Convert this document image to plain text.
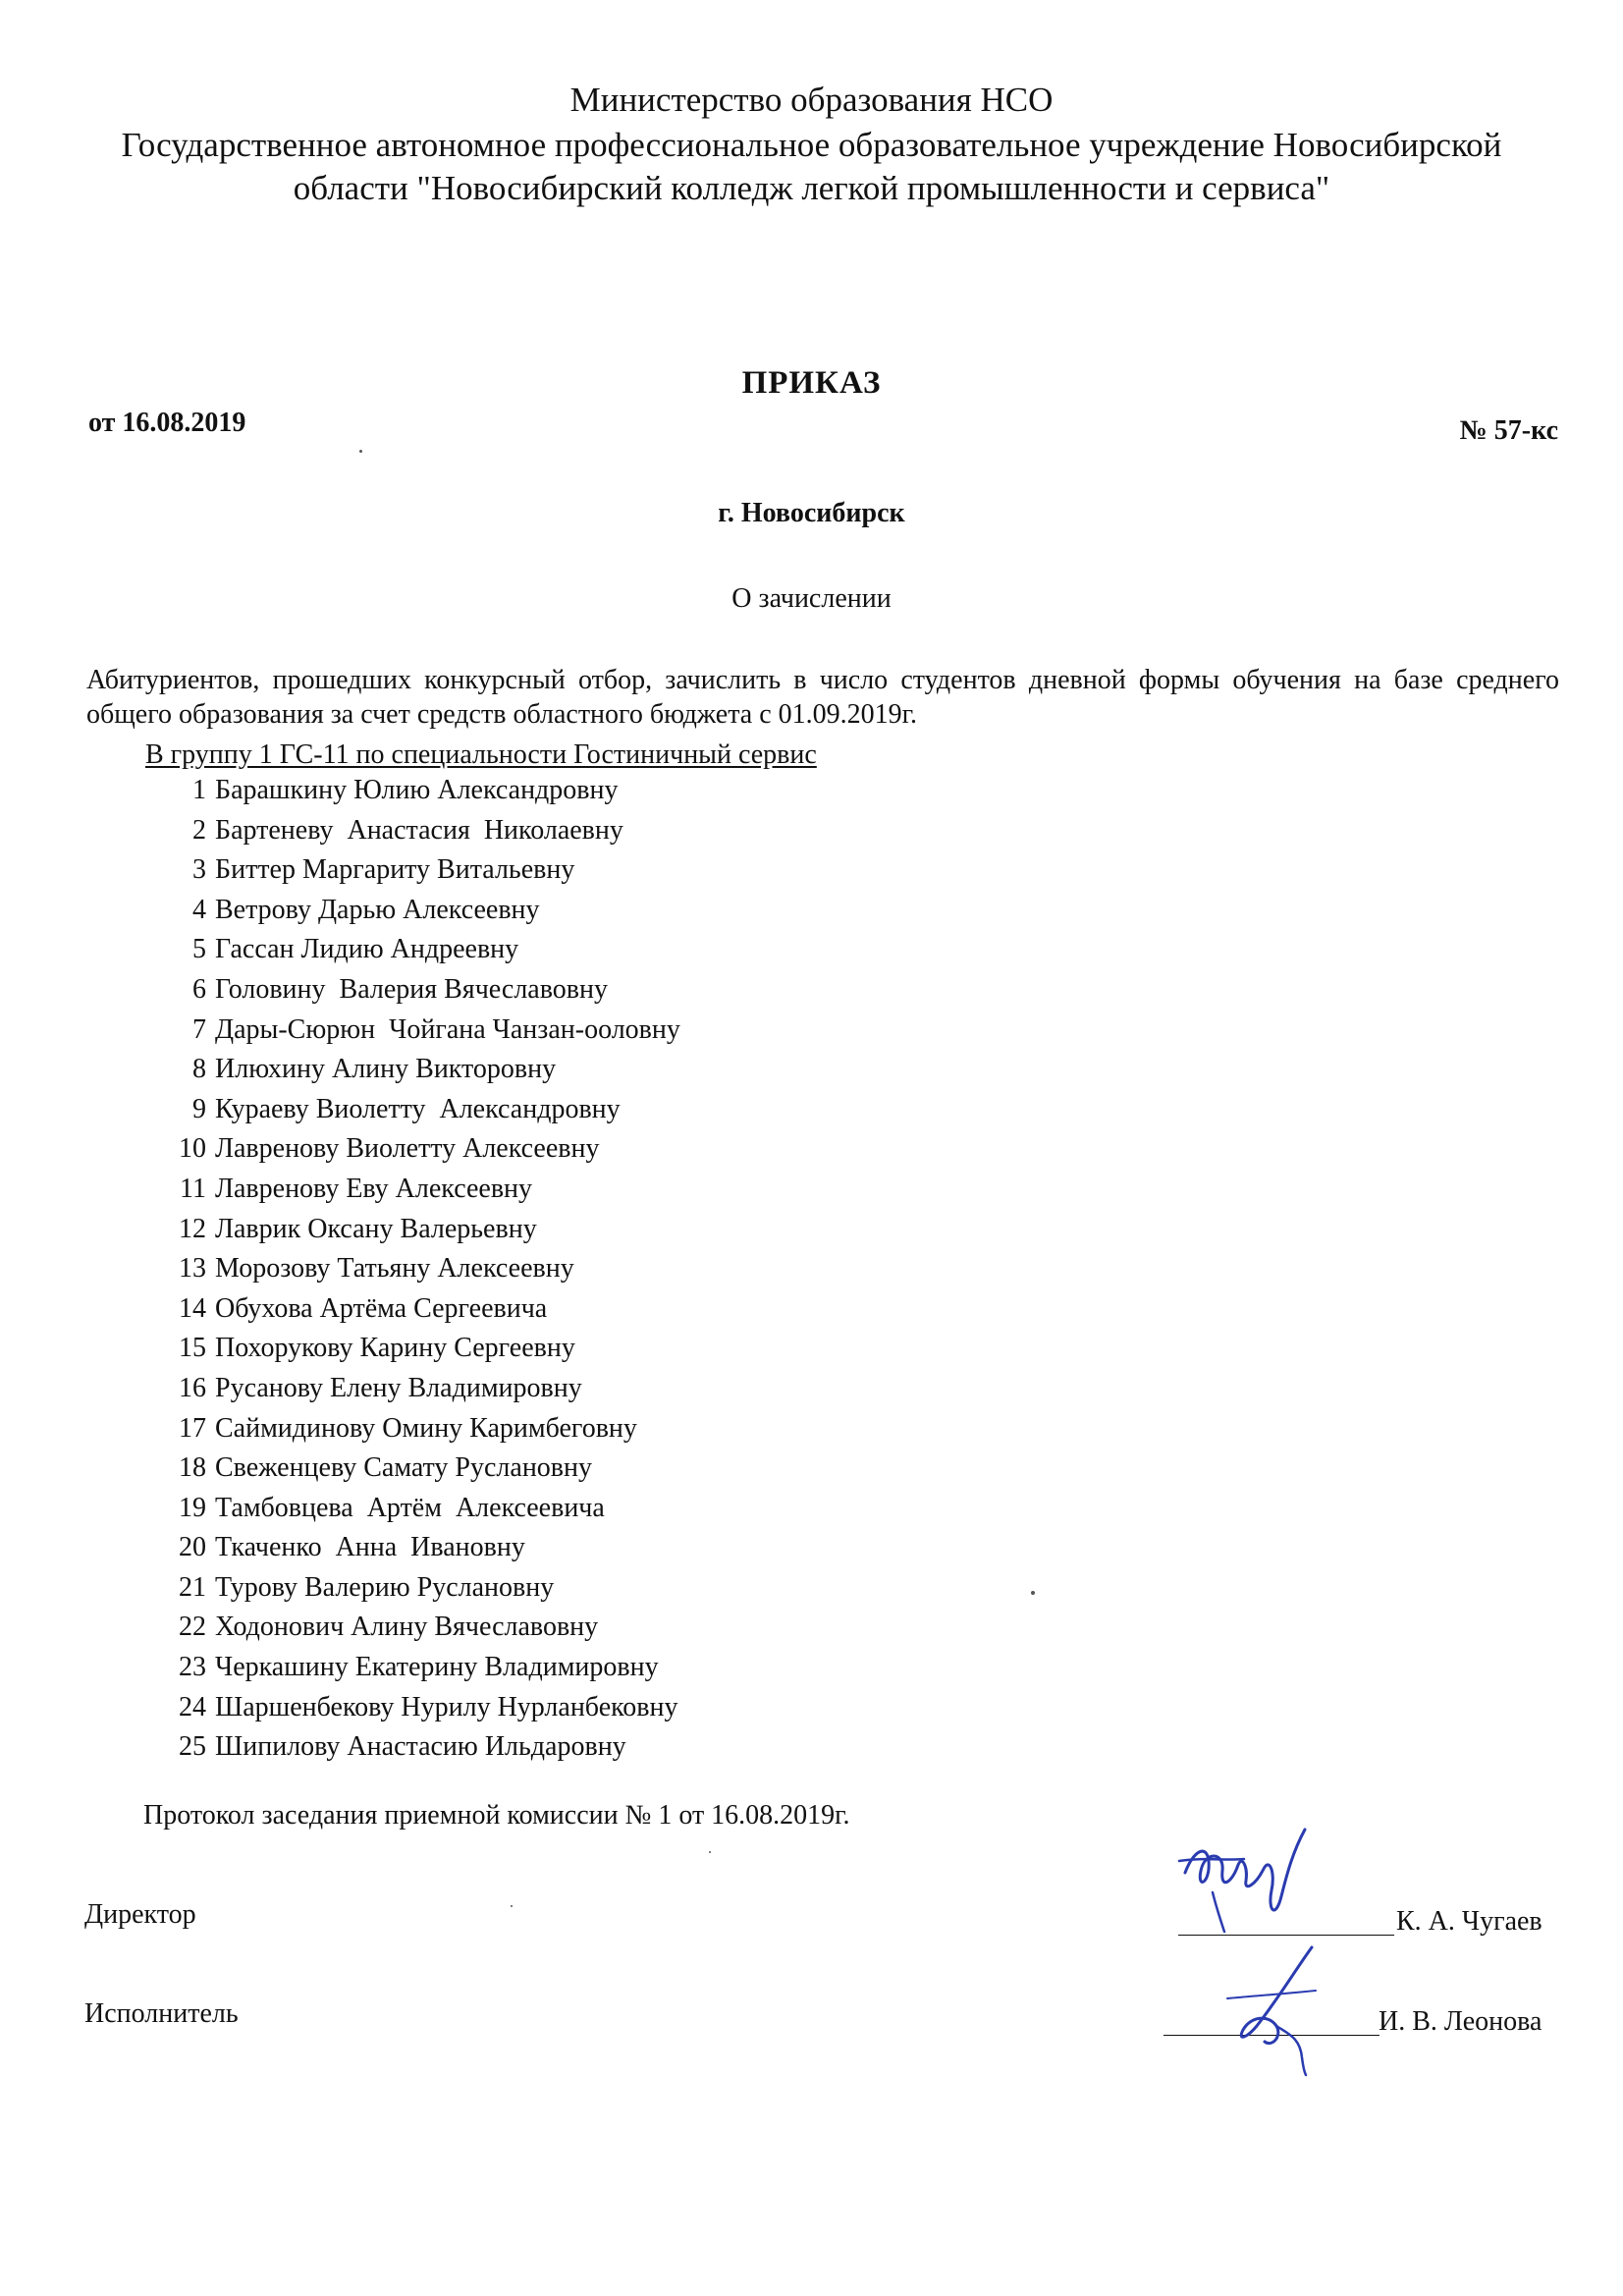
Министерство образования НСО
Государственное автономное профессиональное образовательное учреждение Новосибирской
области "Новосибирский колледж легкой промышленности и сервиса"
ПРИКАЗ
от 16.08.2019	№ 57-кс
г. Новосибирск
О зачислении
Абитуриентов, прошедших конкурсный отбор, зачислить в число студентов дневной формы обучения на базе среднего общего образования за счет средств областного бюджета с 01.09.2019г.
В группу 1 ГС-11 по специальности Гостиничный сервис
1 Барашкину Юлию Александровну
2 Бартеневу  Анастасия  Николаевну
3 Биттер Маргариту Витальевну
4 Ветрову Дарью Алексеевну
5 Гассан Лидию Андреевну
6 Головину  Валерия Вячеславовну
7 Дары-Сюрюн  Чойгана Чанзан-ооловну
8 Илюхину Алину Викторовну
9 Кураеву Виолетту  Александровну
10 Лавренову Виолетту Алексеевну
11 Лавренову Еву Алексеевну
12 Лаврик Оксану Валерьевну
13 Морозову Татьяну Алексеевну
14 Обухова Артёма Сергеевича
15 Похорукову Карину Сергеевну
16 Русанову Елену Владимировну
17 Саймидинову Омину Каримбеговну
18 Свеженцеву Самату Руслановну
19 Тамбовцева  Артём  Алексеевича
20 Ткаченко  Анна  Ивановну
21 Турову Валерию Руслановну
22 Ходонович Алину Вячеславовну
23 Черкашину Екатерину Владимировну
24 Шаршенбекову Нурилу Нурланбековну
25 Шипилову Анастасию Ильдаровну
Протокол заседания приемной комиссии № 1 от 16.08.2019г.
Директор	К. А. Чугаев
Исполнитель	И. В. Леонова
